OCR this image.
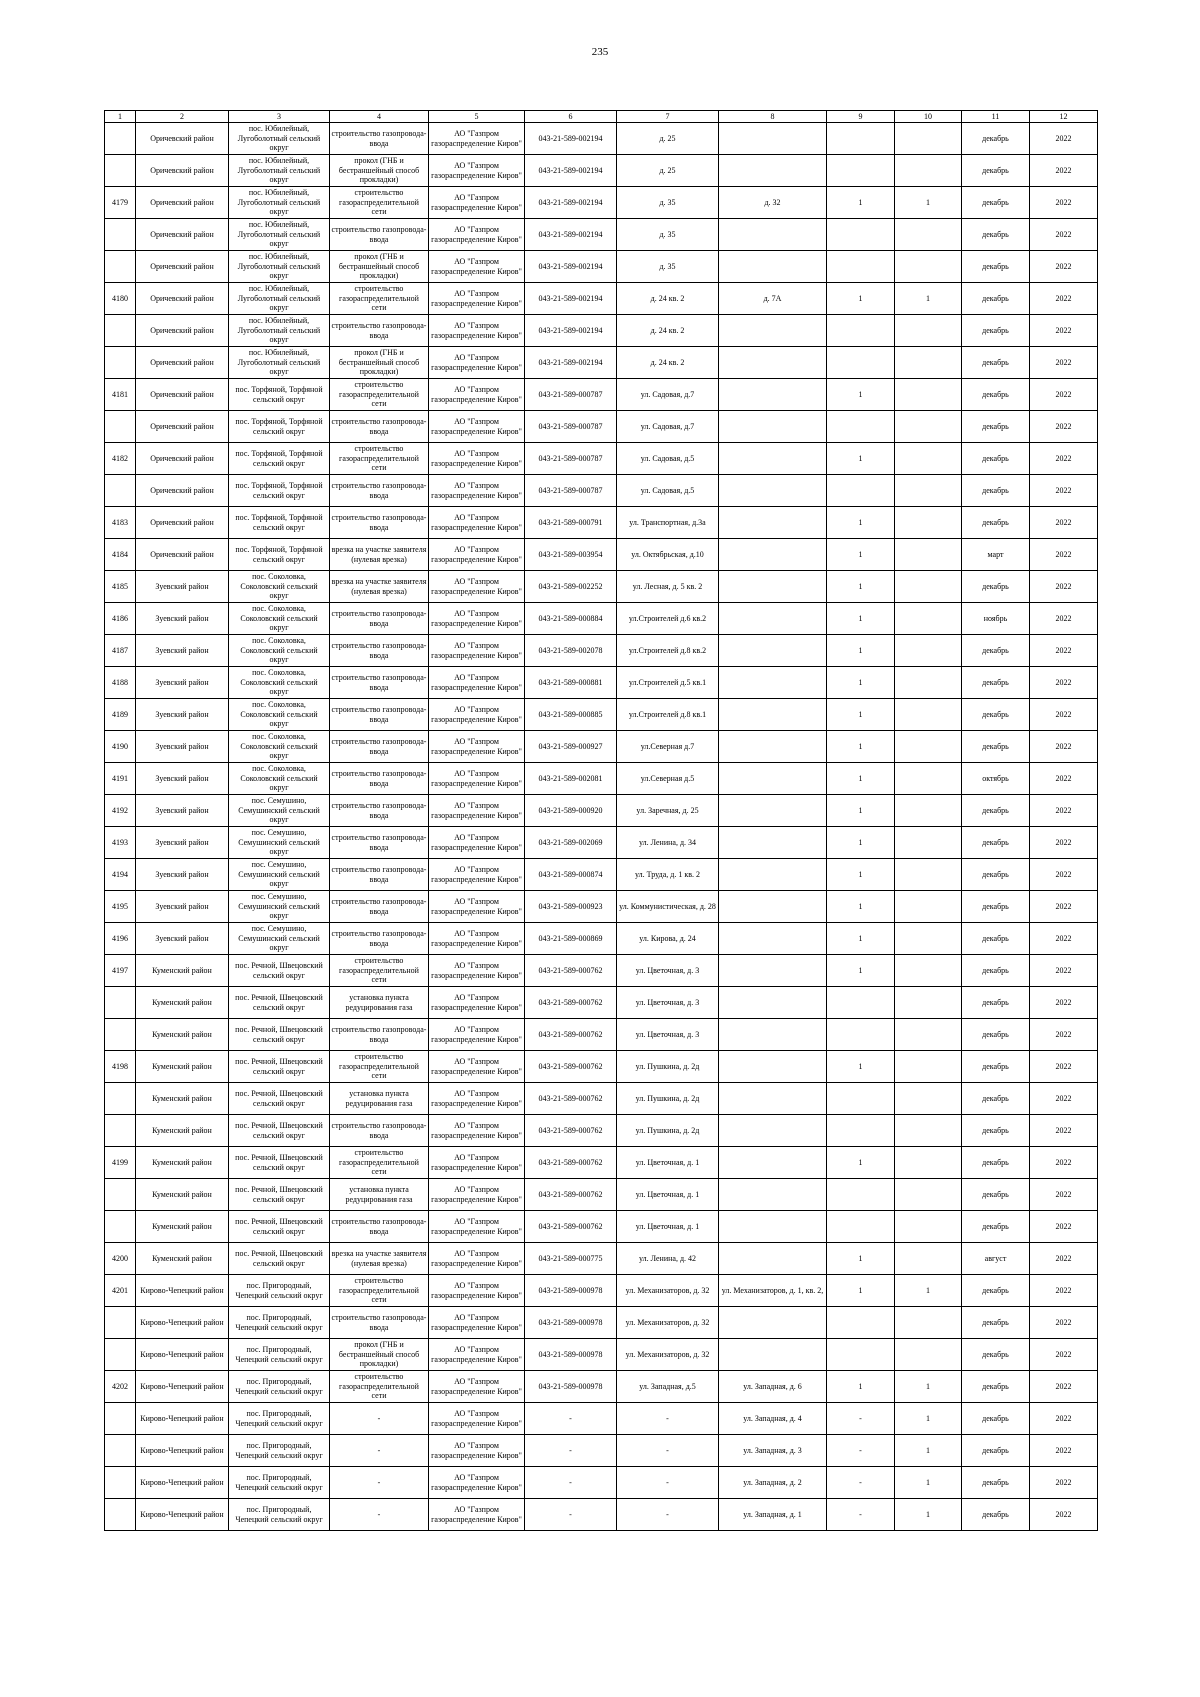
235
1	2	3	4	5	6	7	8	9	10	11	12
	Оричевский район	пос. Юбилейный, Лугоболотный сельский округ	строительство газопровода-ввода	АО "Газпром газораспределение Киров"	043-21-589-002194	д. 25				декабрь	2022
	Оричевский район	пос. Юбилейный, Лугоболотный сельский округ	прокол (ГНБ и бестраншейный способ прокладки)	АО "Газпром газораспределение Киров"	043-21-589-002194	д. 25				декабрь	2022
4179	Оричевский район	пос. Юбилейный, Лугоболотный сельский округ	строительство газораспределительной сети	АО "Газпром газораспределение Киров"	043-21-589-002194	д. 35	д. 32	1	1	декабрь	2022
	Оричевский район	пос. Юбилейный, Лугоболотный сельский округ	строительство газопровода-ввода	АО "Газпром газораспределение Киров"	043-21-589-002194	д. 35				декабрь	2022
	Оричевский район	пос. Юбилейный, Лугоболотный сельский округ	прокол (ГНБ и бестраншейный способ прокладки)	АО "Газпром газораспределение Киров"	043-21-589-002194	д. 35				декабрь	2022
4180	Оричевский район	пос. Юбилейный, Лугоболотный сельский округ	строительство газораспределительной сети	АО "Газпром газораспределение Киров"	043-21-589-002194	д. 24 кв. 2	д. 7А	1	1	декабрь	2022
	Оричевский район	пос. Юбилейный, Лугоболотный сельский округ	строительство газопровода-ввода	АО "Газпром газораспределение Киров"	043-21-589-002194	д. 24 кв. 2				декабрь	2022
	Оричевский район	пос. Юбилейный, Лугоболотный сельский округ	прокол (ГНБ и бестраншейный способ прокладки)	АО "Газпром газораспределение Киров"	043-21-589-002194	д. 24 кв. 2				декабрь	2022
4181	Оричевский район	пос. Торфяной, Торфяной сельский округ	строительство газораспределительной сети	АО "Газпром газораспределение Киров"	043-21-589-000787	ул. Садовая, д.7		1		декабрь	2022
	Оричевский район	пос. Торфяной, Торфяной сельский округ	строительство газопровода-ввода	АО "Газпром газораспределение Киров"	043-21-589-000787	ул. Садовая, д.7				декабрь	2022
4182	Оричевский район	пос. Торфяной, Торфяной сельский округ	строительство газораспределительной сети	АО "Газпром газораспределение Киров"	043-21-589-000787	ул. Садовая, д.5		1		декабрь	2022
	Оричевский район	пос. Торфяной, Торфяной сельский округ	строительство газопровода-ввода	АО "Газпром газораспределение Киров"	043-21-589-000787	ул. Садовая, д.5				декабрь	2022
4183	Оричевский район	пос. Торфяной, Торфяной сельский округ	строительство газопровода-ввода	АО "Газпром газораспределение Киров"	043-21-589-000791	ул. Транспортная, д.3а		1		декабрь	2022
4184	Оричевский район	пос. Торфяной, Торфяной сельский округ	врезка на участке заявителя (нулевая врезка)	АО "Газпром газораспределение Киров"	043-21-589-003954	ул. Октябрьская, д.10		1		март	2022
4185	Зуевский район	пос. Соколовка, Соколовский сельский округ	врезка на участке заявителя (нулевая врезка)	АО "Газпром газораспределение Киров"	043-21-589-002252	ул. Лесная, д. 5 кв. 2		1		декабрь	2022
4186	Зуевский район	пос. Соколовка, Соколовский сельский округ	строительство газопровода-ввода	АО "Газпром газораспределение Киров"	043-21-589-000884	ул.Строителей д.6 кв.2		1		ноябрь	2022
4187	Зуевский район	пос. Соколовка, Соколовский сельский округ	строительство газопровода-ввода	АО "Газпром газораспределение Киров"	043-21-589-002078	ул.Строителей д.8 кв.2		1		декабрь	2022
4188	Зуевский район	пос. Соколовка, Соколовский сельский округ	строительство газопровода-ввода	АО "Газпром газораспределение Киров"	043-21-589-000881	ул.Строителей д.5 кв.1		1		декабрь	2022
4189	Зуевский район	пос. Соколовка, Соколовский сельский округ	строительство газопровода-ввода	АО "Газпром газораспределение Киров"	043-21-589-000885	ул.Строителей д.8 кв.1		1		декабрь	2022
4190	Зуевский район	пос. Соколовка, Соколовский сельский округ	строительство газопровода-ввода	АО "Газпром газораспределение Киров"	043-21-589-000927	ул.Северная д.7		1		декабрь	2022
4191	Зуевский район	пос. Соколовка, Соколовский сельский округ	строительство газопровода-ввода	АО "Газпром газораспределение Киров"	043-21-589-002081	ул.Северная д.5		1		октябрь	2022
4192	Зуевский район	пос. Семушино, Семушинский сельский округ	строительство газопровода-ввода	АО "Газпром газораспределение Киров"	043-21-589-000920	ул. Заречная, д. 25		1		декабрь	2022
4193	Зуевский район	пос. Семушино, Семушинский сельский округ	строительство газопровода-ввода	АО "Газпром газораспределение Киров"	043-21-589-002069	ул. Ленина, д. 34		1		декабрь	2022
4194	Зуевский район	пос. Семушино, Семушинский сельский округ	строительство газопровода-ввода	АО "Газпром газораспределение Киров"	043-21-589-000874	ул. Труда, д. 1 кв. 2		1		декабрь	2022
4195	Зуевский район	пос. Семушино, Семушинский сельский округ	строительство газопровода-ввода	АО "Газпром газораспределение Киров"	043-21-589-000923	ул. Коммунистическая, д. 28		1		декабрь	2022
4196	Зуевский район	пос. Семушино, Семушинский сельский округ	строительство газопровода-ввода	АО "Газпром газораспределение Киров"	043-21-589-000869	ул. Кирова, д. 24		1		декабрь	2022
4197	Куменский район	пос. Речной, Швецовский сельский округ	строительство газораспределительной сети	АО "Газпром газораспределение Киров"	043-21-589-000762	ул. Цветочная, д. 3		1		декабрь	2022
	Куменский район	пос. Речной, Швецовский сельский округ	установка пункта редуцирования газа	АО "Газпром газораспределение Киров"	043-21-589-000762	ул. Цветочная, д. 3				декабрь	2022
	Куменский район	пос. Речной, Швецовский сельский округ	строительство газопровода-ввода	АО "Газпром газораспределение Киров"	043-21-589-000762	ул. Цветочная, д. 3				декабрь	2022
4198	Куменский район	пос. Речной, Швецовский сельский округ	строительство газораспределительной сети	АО "Газпром газораспределение Киров"	043-21-589-000762	ул. Пушкина, д. 2д		1		декабрь	2022
	Куменский район	пос. Речной, Швецовский сельский округ	установка пункта редуцирования газа	АО "Газпром газораспределение Киров"	043-21-589-000762	ул. Пушкина, д. 2д				декабрь	2022
	Куменский район	пос. Речной, Швецовский сельский округ	строительство газопровода-ввода	АО "Газпром газораспределение Киров"	043-21-589-000762	ул. Пушкина, д. 2д				декабрь	2022
4199	Куменский район	пос. Речной, Швецовский сельский округ	строительство газораспределительной сети	АО "Газпром газораспределение Киров"	043-21-589-000762	ул. Цветочная, д. 1		1		декабрь	2022
	Куменский район	пос. Речной, Швецовский сельский округ	установка пункта редуцирования газа	АО "Газпром газораспределение Киров"	043-21-589-000762	ул. Цветочная, д. 1				декабрь	2022
	Куменский район	пос. Речной, Швецовский сельский округ	строительство газопровода-ввода	АО "Газпром газораспределение Киров"	043-21-589-000762	ул. Цветочная, д. 1				декабрь	2022
4200	Куменский район	пос. Речной, Швецовский сельский округ	врезка на участке заявителя (нулевая врезка)	АО "Газпром газораспределение Киров"	043-21-589-000775	ул. Ленина, д. 42		1		август	2022
4201	Кирово-Чепецкий район	пос. Пригородный, Чепецкий сельский округ	строительство газораспределительной сети	АО "Газпром газораспределение Киров"	043-21-589-000978	ул. Механизаторов, д. 32	ул. Механизаторов, д. 1, кв. 2,	1	1	декабрь	2022
	Кирово-Чепецкий район	пос. Пригородный, Чепецкий сельский округ	строительство газопровода-ввода	АО "Газпром газораспределение Киров"	043-21-589-000978	ул. Механизаторов, д. 32				декабрь	2022
	Кирово-Чепецкий район	пос. Пригородный, Чепецкий сельский округ	прокол (ГНБ и бестраншейный способ прокладки)	АО "Газпром газораспределение Киров"	043-21-589-000978	ул. Механизаторов, д. 32				декабрь	2022
4202	Кирово-Чепецкий район	пос. Пригородный, Чепецкий сельский округ	строительство газораспределительной сети	АО "Газпром газораспределение Киров"	043-21-589-000978	ул. Западная, д.5	ул. Западная, д. 6	1	1	декабрь	2022
	Кирово-Чепецкий район	пос. Пригородный, Чепецкий сельский округ	-	АО "Газпром газораспределение Киров"	-	-	ул. Западная, д. 4	-	1	декабрь	2022
	Кирово-Чепецкий район	пос. Пригородный, Чепецкий сельский округ	-	АО "Газпром газораспределение Киров"	-	-	ул. Западная, д. 3	-	1	декабрь	2022
	Кирово-Чепецкий район	пос. Пригородный, Чепецкий сельский округ	-	АО "Газпром газораспределение Киров"	-	-	ул. Западная, д. 2	-	1	декабрь	2022
	Кирово-Чепецкий район	пос. Пригородный, Чепецкий сельский округ	-	АО "Газпром газораспределение Киров"	-	-	ул. Западная, д. 1	-	1	декабрь	2022
